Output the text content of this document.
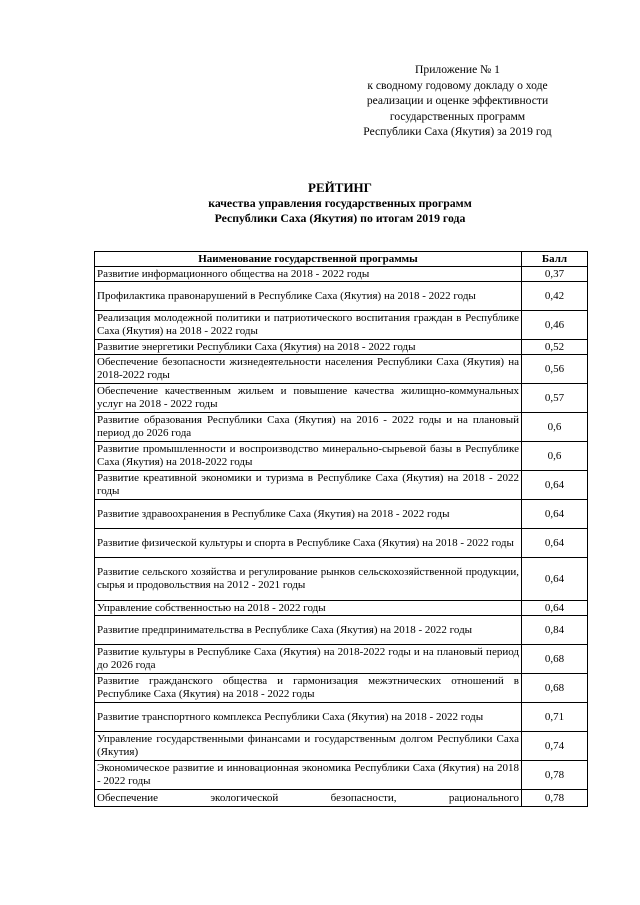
Приложение № 1
к сводному годовому докладу о ходе
реализации и оценке эффективности
государственных программ
Республики Саха (Якутия) за 2019 год
РЕЙТИНГ
качества управления государственных программ
Республики Саха (Якутия) по итогам 2019 года
Наименование государственной программы	Балл
Развитие информационного общества на 2018 - 2022 годы	0,37
Профилактика правонарушений в Республике Саха (Якутия) на 2018 - 2022 годы	0,42
Реализация молодежной политики и патриотического воспитания граждан в Республике Саха (Якутия) на 2018 - 2022 годы	0,46
Развитие энергетики Республики Саха (Якутия) на 2018 - 2022 годы	0,52
Обеспечение безопасности жизнедеятельности населения Республики Саха (Якутия) на 2018-2022 годы	0,56
Обеспечение качественным жильем и повышение качества жилищно-коммунальных услуг на 2018 - 2022 годы	0,57
Развитие образования Республики Саха (Якутия) на 2016 - 2022 годы и на плановый период до 2026 года	0,6
Развитие промышленности и воспроизводство минерально-сырьевой базы в Республике Саха (Якутия) на 2018-2022 годы	0,6
Развитие креативной экономики и туризма в Республике Саха (Якутия) на 2018 - 2022 годы	0,64
Развитие здравоохранения в Республике Саха (Якутия) на 2018 - 2022 годы	0,64
Развитие физической культуры и спорта в Республике Саха (Якутия) на 2018 - 2022 годы	0,64
Развитие сельского хозяйства и регулирование рынков сельскохозяйственной продукции, сырья и продовольствия на 2012 - 2021 годы	0,64
Управление собственностью на 2018 - 2022 годы	0,64
Развитие предпринимательства в Республике Саха (Якутия) на 2018 - 2022 годы	0,84
Развитие культуры в Республике Саха (Якутия) на 2018-2022 годы и на плановый период до 2026 года	0,68
Развитие гражданского общества и гармонизация межэтнических отношений в Республике Саха (Якутия) на 2018 - 2022 годы	0,68
Развитие транспортного комплекса Республики Саха (Якутия) на 2018 - 2022 годы	0,71
Управление государственными финансами и государственным долгом Республики Саха (Якутия)	0,74
Экономическое развитие и инновационная экономика Республики Саха (Якутия) на 2018 - 2022 годы	0,78
Обеспечение экологической безопасности, рационального	0,78
